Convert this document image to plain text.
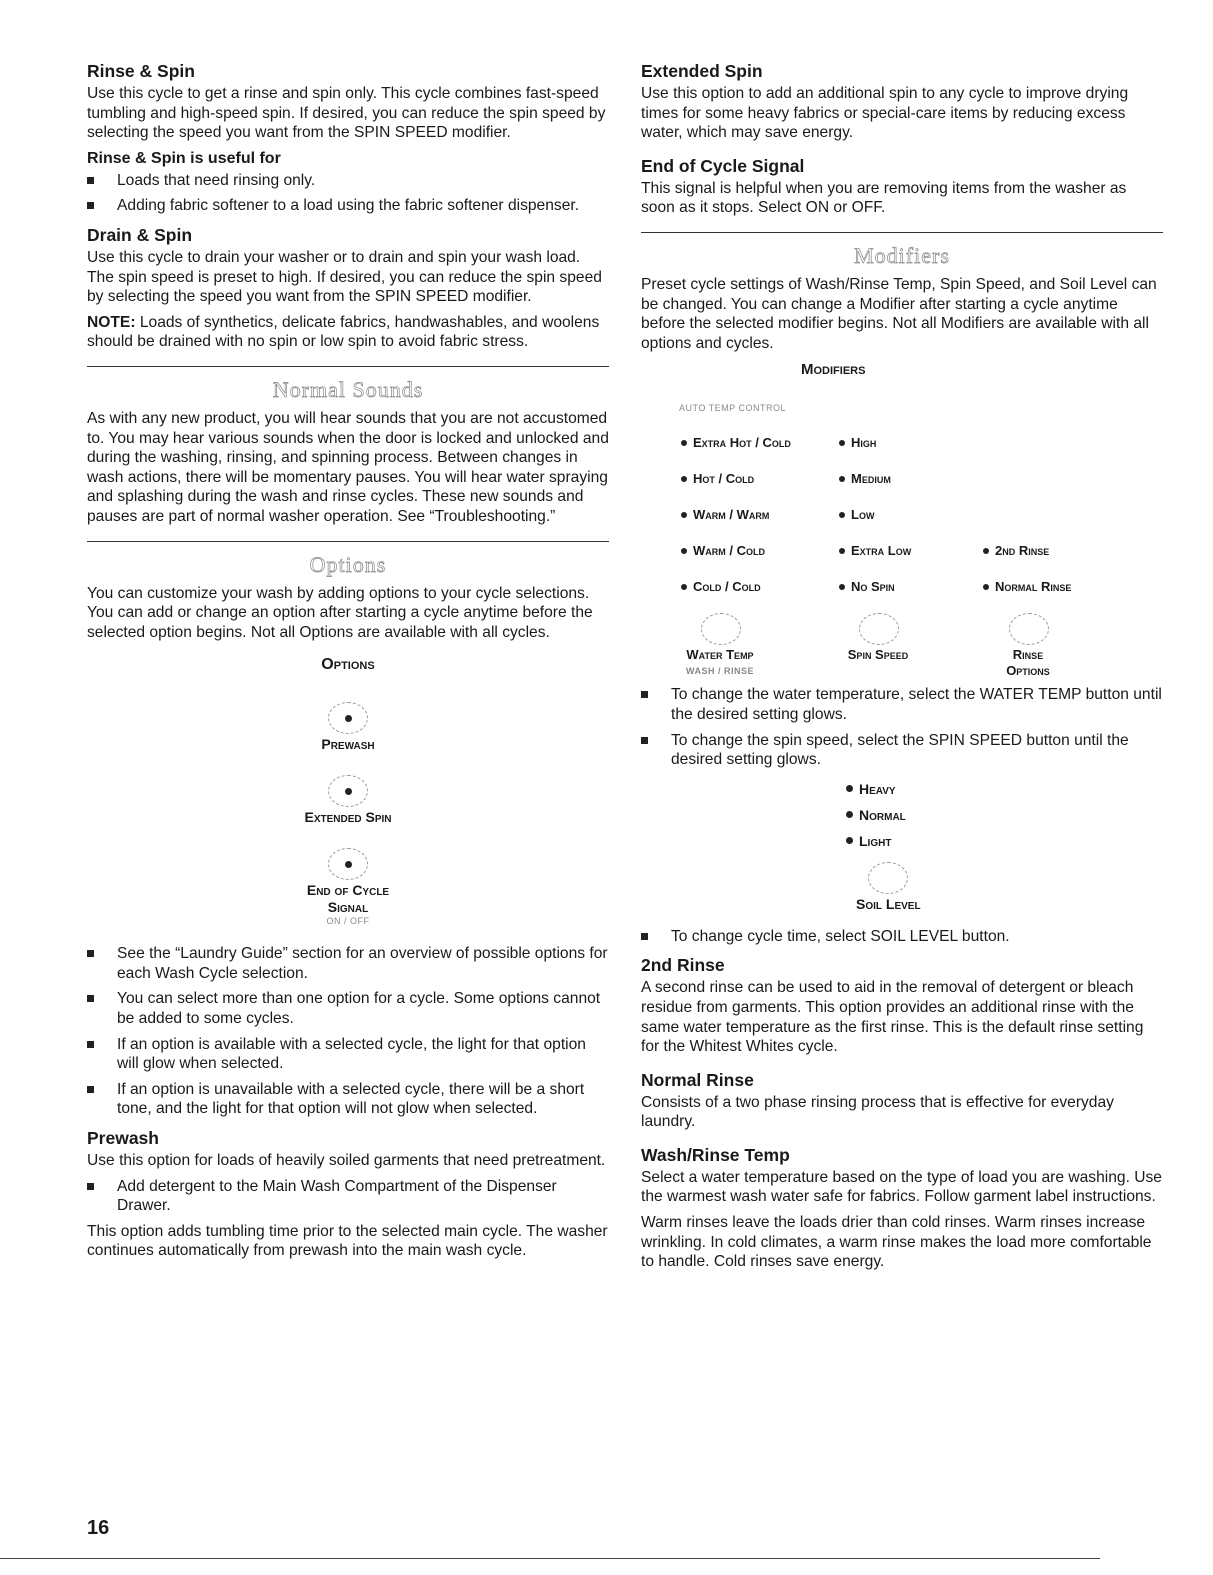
Rinse & Spin

Use this cycle to get a rinse and spin only. This cycle combines fast-speed tumbling and high-speed spin. If desired, you can reduce the spin speed by selecting the speed you want from the SPIN SPEED modifier.

Rinse & Spin is useful for
Loads that need rinsing only.
Adding fabric softener to a load using the fabric softener dispenser.
Drain & Spin

Use this cycle to drain your washer or to drain and spin your wash load. The spin speed is preset to high. If desired, you can reduce the spin speed by selecting the speed you want from the SPIN SPEED modifier.

NOTE: Loads of synthetics, delicate fabrics, handwashables, and woolens should be drained with no spin or low spin to avoid fabric stress.

Normal Sounds

As with any new product, you will hear sounds that you are not accustomed to. You may hear various sounds when the door is locked and unlocked and during the washing, rinsing, and spinning process. Between changes in wash actions, there will be momentary pauses. You will hear water spraying and splashing during the wash and rinse cycles. These new sounds and pauses are part of normal washer operation. See “Troubleshooting.”

Options

You can customize your wash by adding options to your cycle selections. You can add or change an option after starting a cycle anytime before the selected option begins. Not all Options are available with all cycles.

Options
Prewash
Extended Spin
End of Cycle
Signal
ON / OFF
See the “Laundry Guide” section for an overview of possible options for each Wash Cycle selection.
You can select more than one option for a cycle. Some options cannot be added to some cycles.
If an option is available with a selected cycle, the light for that option will glow when selected.
If an option is unavailable with a selected cycle, there will be a short tone, and the light for that option will not glow when selected.
Prewash

Use this option for loads of heavily soiled garments that need pretreatment.

Add detergent to the Main Wash Compartment of the Dispenser Drawer.

This option adds tumbling time prior to the selected main cycle. The washer continues automatically from prewash into the main wash cycle.

Extended Spin

Use this option to add an additional spin to any cycle to improve drying times for some heavy fabrics or special-care items by reducing excess water, which may save energy.

End of Cycle Signal

This signal is helpful when you are removing items from the washer as soon as it stops. Select ON or OFF.

Modifiers

Preset cycle settings of Wash/Rinse Temp, Spin Speed, and Soil Level can be changed. You can change a Modifier after starting a cycle anytime before the selected modifier begins. Not all Modifiers are available with all options and cycles.

Modifiers
AUTO TEMP CONTROL
Extra Hot / Cold
Hot / Cold
Warm / Warm
Warm / Cold
Cold / Cold
High
Medium
Low
Extra Low
No Spin
2nd Rinse
Normal Rinse
Water Temp
WASH / RINSE
Spin Speed	Rinse
Options
To change the water temperature, select the WATER TEMP button until the desired setting glows.
To change the spin speed, select the SPIN SPEED button until the desired setting glows.
Heavy
Normal
Light
Soil Level
To change cycle time, select SOIL LEVEL button.
2nd Rinse

A second rinse can be used to aid in the removal of detergent or bleach residue from garments. This option provides an additional rinse with the same water temperature as the first rinse. This is the default rinse setting for the Whitest Whites cycle.

Normal Rinse

Consists of a two phase rinsing process that is effective for everyday laundry.

Wash/Rinse Temp

Select a water temperature based on the type of load you are washing. Use the warmest wash water safe for fabrics. Follow garment label instructions.

Warm rinses leave the loads drier than cold rinses. Warm rinses increase wrinkling. In cold climates, a warm rinse makes the load more comfortable to handle. Cold rinses save energy.

16
